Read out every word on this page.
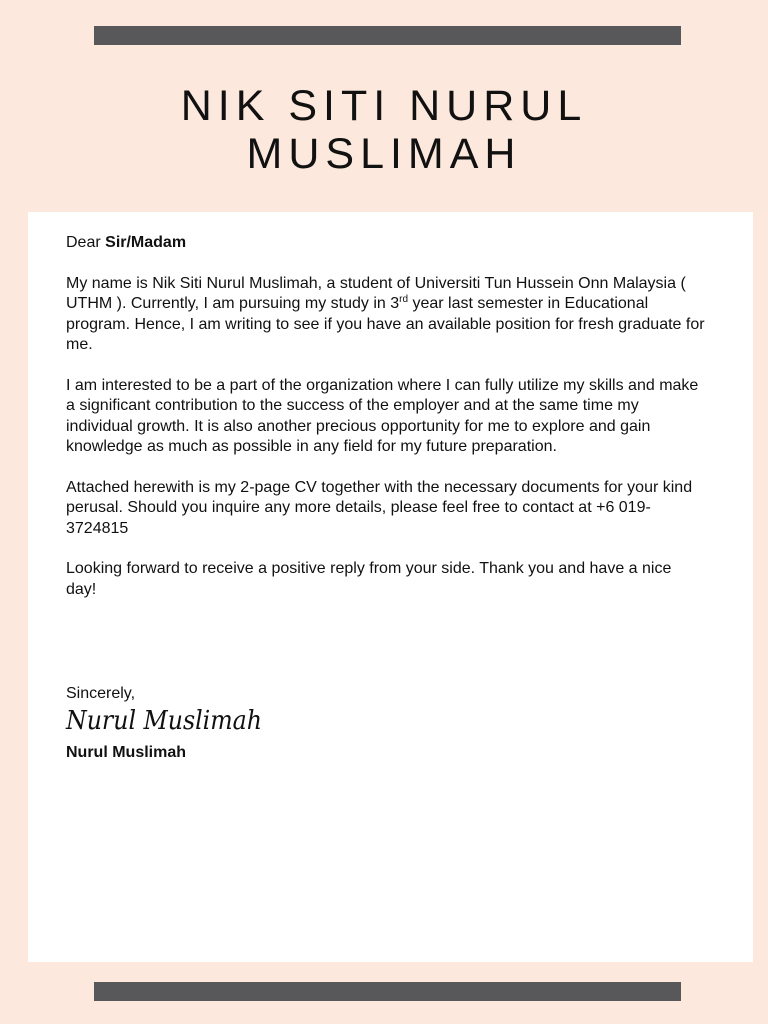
NIK SITI NURUL
MUSLIMAH

Dear Sir/Madam

My name is Nik Siti Nurul Muslimah, a student of Universiti Tun Hussein Onn Malaysia ( UTHM ). Currently, I am pursuing my study in 3rd year last semester in Educational program. Hence, I am writing to see if you have an available position for fresh graduate for me.

I am interested to be a part of the organization where I can fully utilize my skills and make a significant contribution to the success of the employer and at the same time my individual growth. It is also another precious opportunity for me to explore and gain knowledge as much as possible in any field for my future preparation.

Attached herewith is my 2-page CV together with the necessary documents for your kind perusal. Should you inquire any more details, please feel free to contact at +6 019-3724815

Looking forward to receive a positive reply from your side. Thank you and have a nice day!

Sincerely,
Nurul Muslimah
Nurul Muslimah
